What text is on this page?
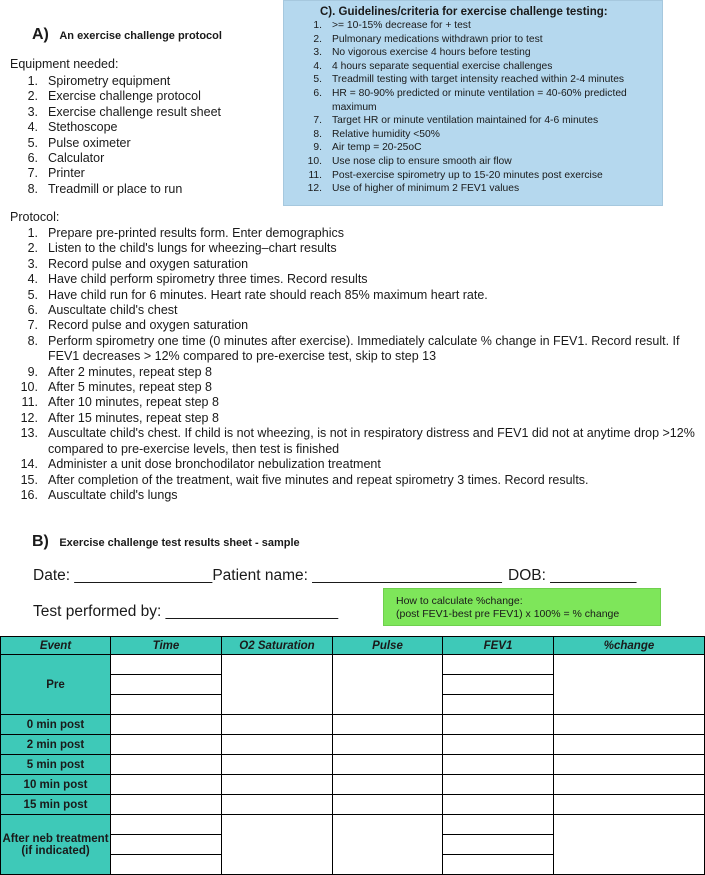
A) An exercise challenge protocol
Equipment needed:
1. Spirometry equipment
2. Exercise challenge protocol
3. Exercise challenge result sheet
4. Stethoscope
5. Pulse oximeter
6. Calculator
7. Printer
8. Treadmill or place to run
C). Guidelines/criteria for exercise challenge testing:
1. >= 10-15% decrease for + test
2. Pulmonary medications withdrawn prior to test
3. No vigorous exercise 4 hours before testing
4. 4 hours separate sequential exercise challenges
5. Treadmill testing with target intensity reached within 2-4 minutes
6. HR = 80-90% predicted or minute ventilation = 40-60% predicted maximum
7. Target HR or minute ventilation maintained for 4-6 minutes
8. Relative humidity <50%
9. Air temp = 20-25oC
10. Use nose clip to ensure smooth air flow
11. Post-exercise spirometry up to 15-20 minutes post exercise
12. Use of higher of minimum 2 FEV1 values
Protocol:
1. Prepare pre-printed results form. Enter demographics
2. Listen to the child's lungs for wheezing–chart results
3. Record pulse and oxygen saturation
4. Have child perform spirometry three times. Record results
5. Have child run for 6 minutes. Heart rate should reach 85% maximum heart rate.
6. Auscultate child's chest
7. Record pulse and oxygen saturation
8. Perform spirometry one time (0 minutes after exercise). Immediately calculate % change in FEV1. Record result. If FEV1 decreases > 12% compared to pre-exercise test, skip to step 13
9. After 2 minutes, repeat step 8
10. After 5 minutes, repeat step 8
11. After 10 minutes, repeat step 8
12. After 15 minutes, repeat step 8
13. Auscultate child's chest. If child is not wheezing, is not in respiratory distress and FEV1 did not at anytime drop >12% compared to pre-exercise levels, then test is finished
14. Administer a unit dose bronchodilator nebulization treatment
15. After completion of the treatment, wait five minutes and repeat spirometry 3 times. Record results.
16. Auscultate child's lungs
B) Exercise challenge test results sheet - sample
Date: ________________Patient name: ______________________ DOB: __________
Test performed by: ____________________
How to calculate %change:
(post FEV1-best pre FEV1) x 100% = % change
Event	Time	O2 Saturation	Pulse	FEV1	%change
Pre	

0 min post					
2 min post					
5 min post					
10 min post					
15 min post					
After neb treatment (if indicated)	
